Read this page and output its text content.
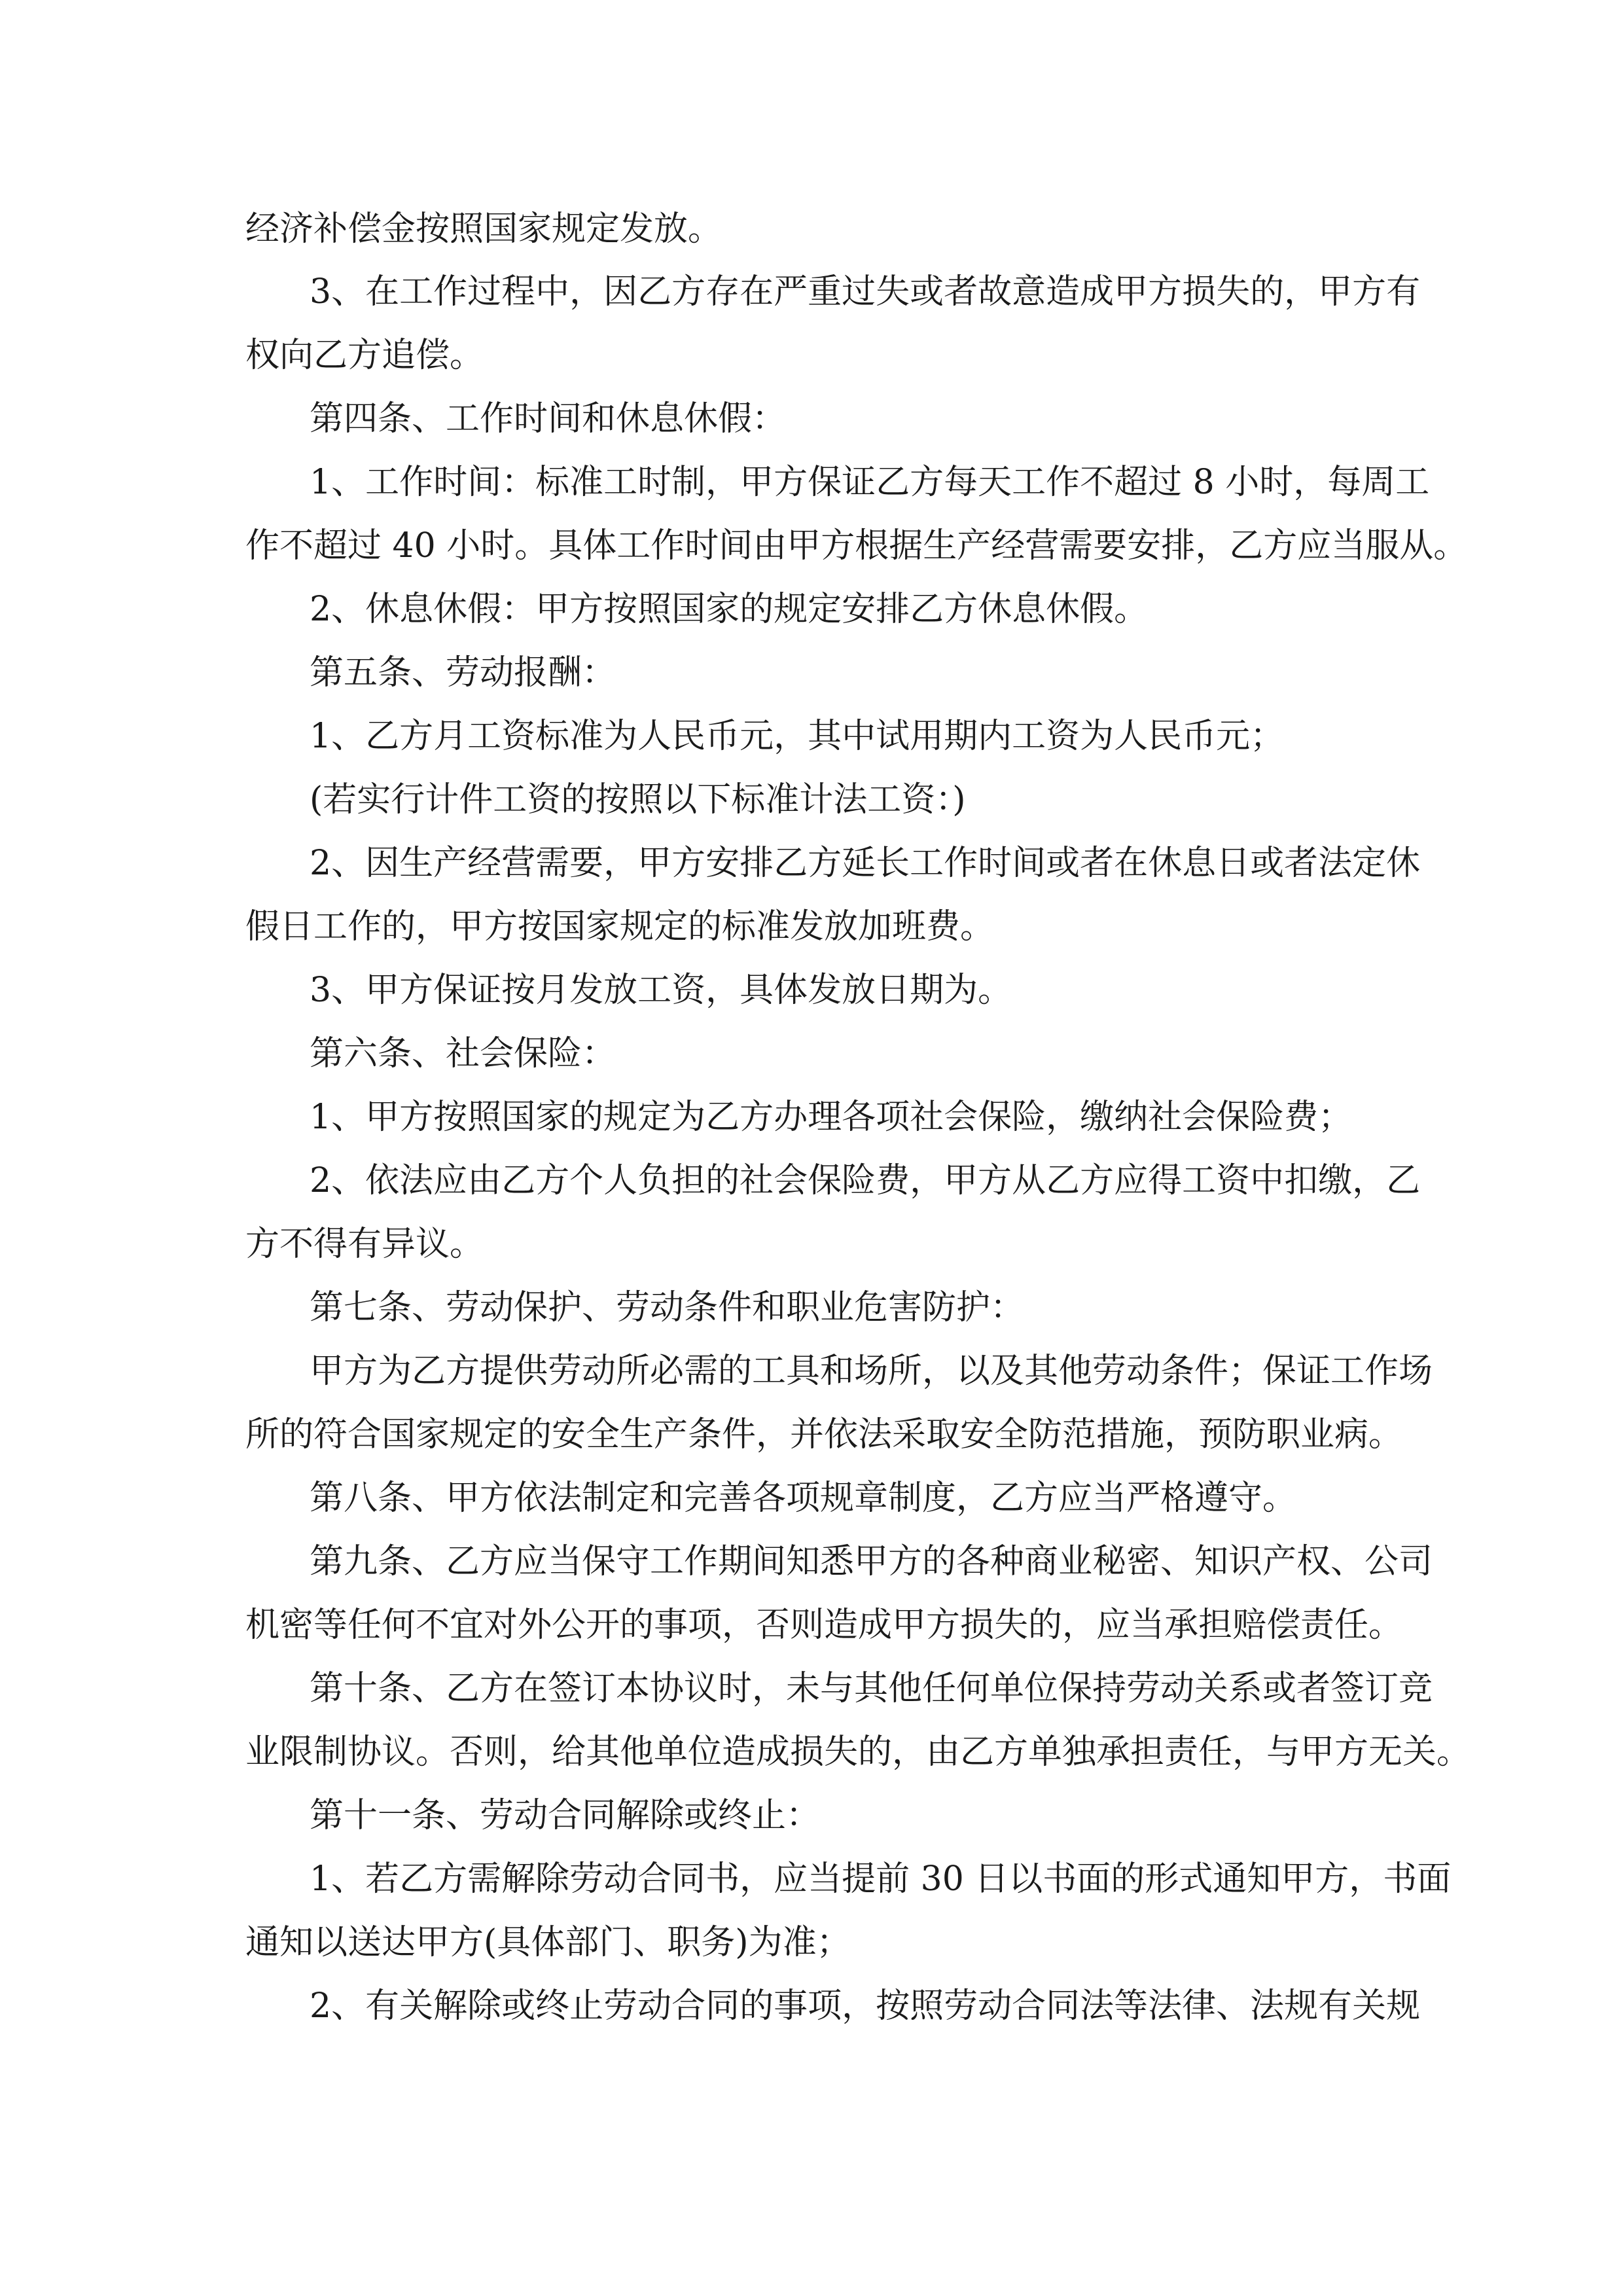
经济补偿金按照国家规定发放。
3、在工作过程中，因乙方存在严重过失或者故意造成甲方损失的，甲方有
权向乙方追偿。
第四条、工作时间和休息休假：
1、工作时间：标准工时制，甲方保证乙方每天工作不超过 8 小时，每周工
作不超过 40 小时。具体工作时间由甲方根据生产经营需要安排，乙方应当服从。
2、休息休假：甲方按照国家的规定安排乙方休息休假。
第五条、劳动报酬：
1、乙方月工资标准为人民币元，其中试用期内工资为人民币元；
(若实行计件工资的按照以下标准计法工资：)
2、因生产经营需要，甲方安排乙方延长工作时间或者在休息日或者法定休
假日工作的，甲方按国家规定的标准发放加班费。
3、甲方保证按月发放工资，具体发放日期为。
第六条、社会保险：
1、甲方按照国家的规定为乙方办理各项社会保险，缴纳社会保险费；
2、依法应由乙方个人负担的社会保险费，甲方从乙方应得工资中扣缴，乙
方不得有异议。
第七条、劳动保护、劳动条件和职业危害防护：
甲方为乙方提供劳动所必需的工具和场所，以及其他劳动条件；保证工作场
所的符合国家规定的安全生产条件，并依法采取安全防范措施，预防职业病。
第八条、甲方依法制定和完善各项规章制度，乙方应当严格遵守。
第九条、乙方应当保守工作期间知悉甲方的各种商业秘密、知识产权、公司
机密等任何不宜对外公开的事项，否则造成甲方损失的，应当承担赔偿责任。
第十条、乙方在签订本协议时，未与其他任何单位保持劳动关系或者签订竞
业限制协议。否则，给其他单位造成损失的，由乙方单独承担责任，与甲方无关。
第十一条、劳动合同解除或终止：
1、若乙方需解除劳动合同书，应当提前 30 日以书面的形式通知甲方，书面
通知以送达甲方(具体部门、职务)为准；
2、有关解除或终止劳动合同的事项，按照劳动合同法等法律、法规有关规
